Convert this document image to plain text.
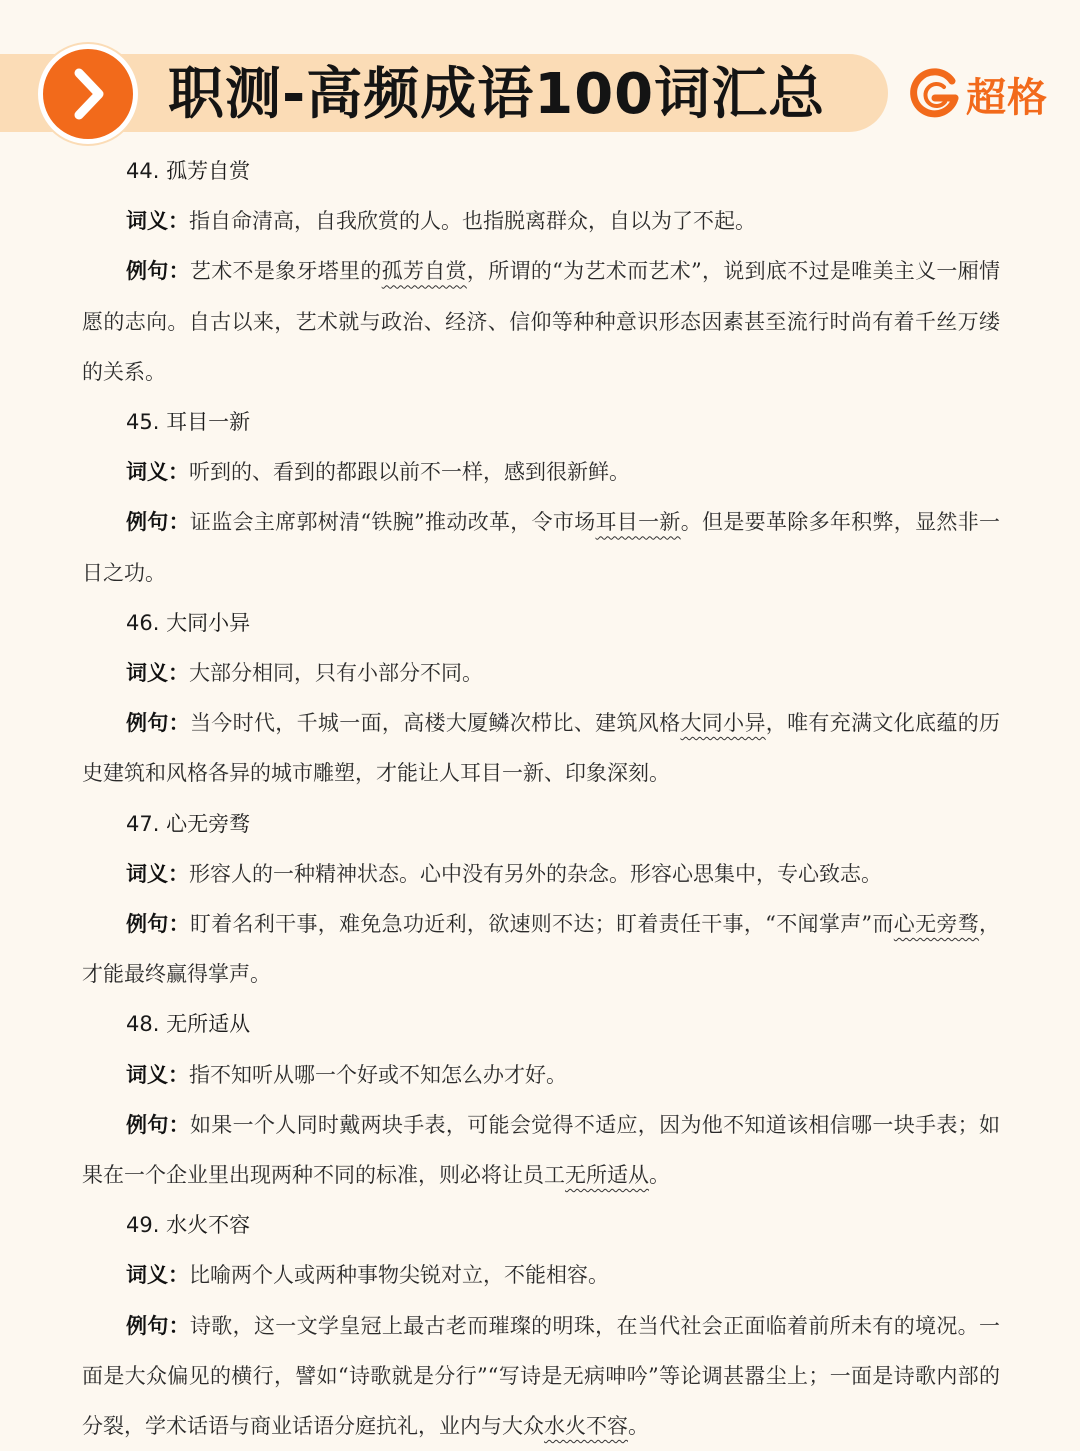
职测-高频成语100词汇总	超格
44. 孤芳自赏
词义：指自命清高，自我欣赏的人。也指脱离群众，自以为了不起。
例句：艺术不是象牙塔里的孤芳自赏，所谓的“为艺术而艺术”，说到底不过是唯美主义一厢情愿的志向。自古以来，艺术就与政治、经济、信仰等种种意识形态因素甚至流行时尚有着千丝万缕的关系。
45. 耳目一新
词义：听到的、看到的都跟以前不一样，感到很新鲜。
例句：证监会主席郭树清“铁腕”推动改革，令市场耳目一新。但是要革除多年积弊，显然非一日之功。
46. 大同小异
词义：大部分相同，只有小部分不同。
例句：当今时代，千城一面，高楼大厦鳞次栉比、建筑风格大同小异，唯有充满文化底蕴的历史建筑和风格各异的城市雕塑，才能让人耳目一新、印象深刻。
47. 心无旁骛
词义：形容人的一种精神状态。心中没有另外的杂念。形容心思集中，专心致志。
例句：盯着名利干事，难免急功近利，欲速则不达；盯着责任干事，“不闻掌声”而心无旁骛，才能最终赢得掌声。
48. 无所适从
词义：指不知听从哪一个好或不知怎么办才好。
例句：如果一个人同时戴两块手表，可能会觉得不适应，因为他不知道该相信哪一块手表；如果在一个企业里出现两种不同的标准，则必将让员工无所适从。
49. 水火不容
词义：比喻两个人或两种事物尖锐对立，不能相容。
例句：诗歌，这一文学皇冠上最古老而璀璨的明珠，在当代社会正面临着前所未有的境况。一面是大众偏见的横行，譬如“诗歌就是分行”“写诗是无病呻吟”等论调甚嚣尘上；一面是诗歌内部的分裂，学术话语与商业话语分庭抗礼，业内与大众水火不容。
